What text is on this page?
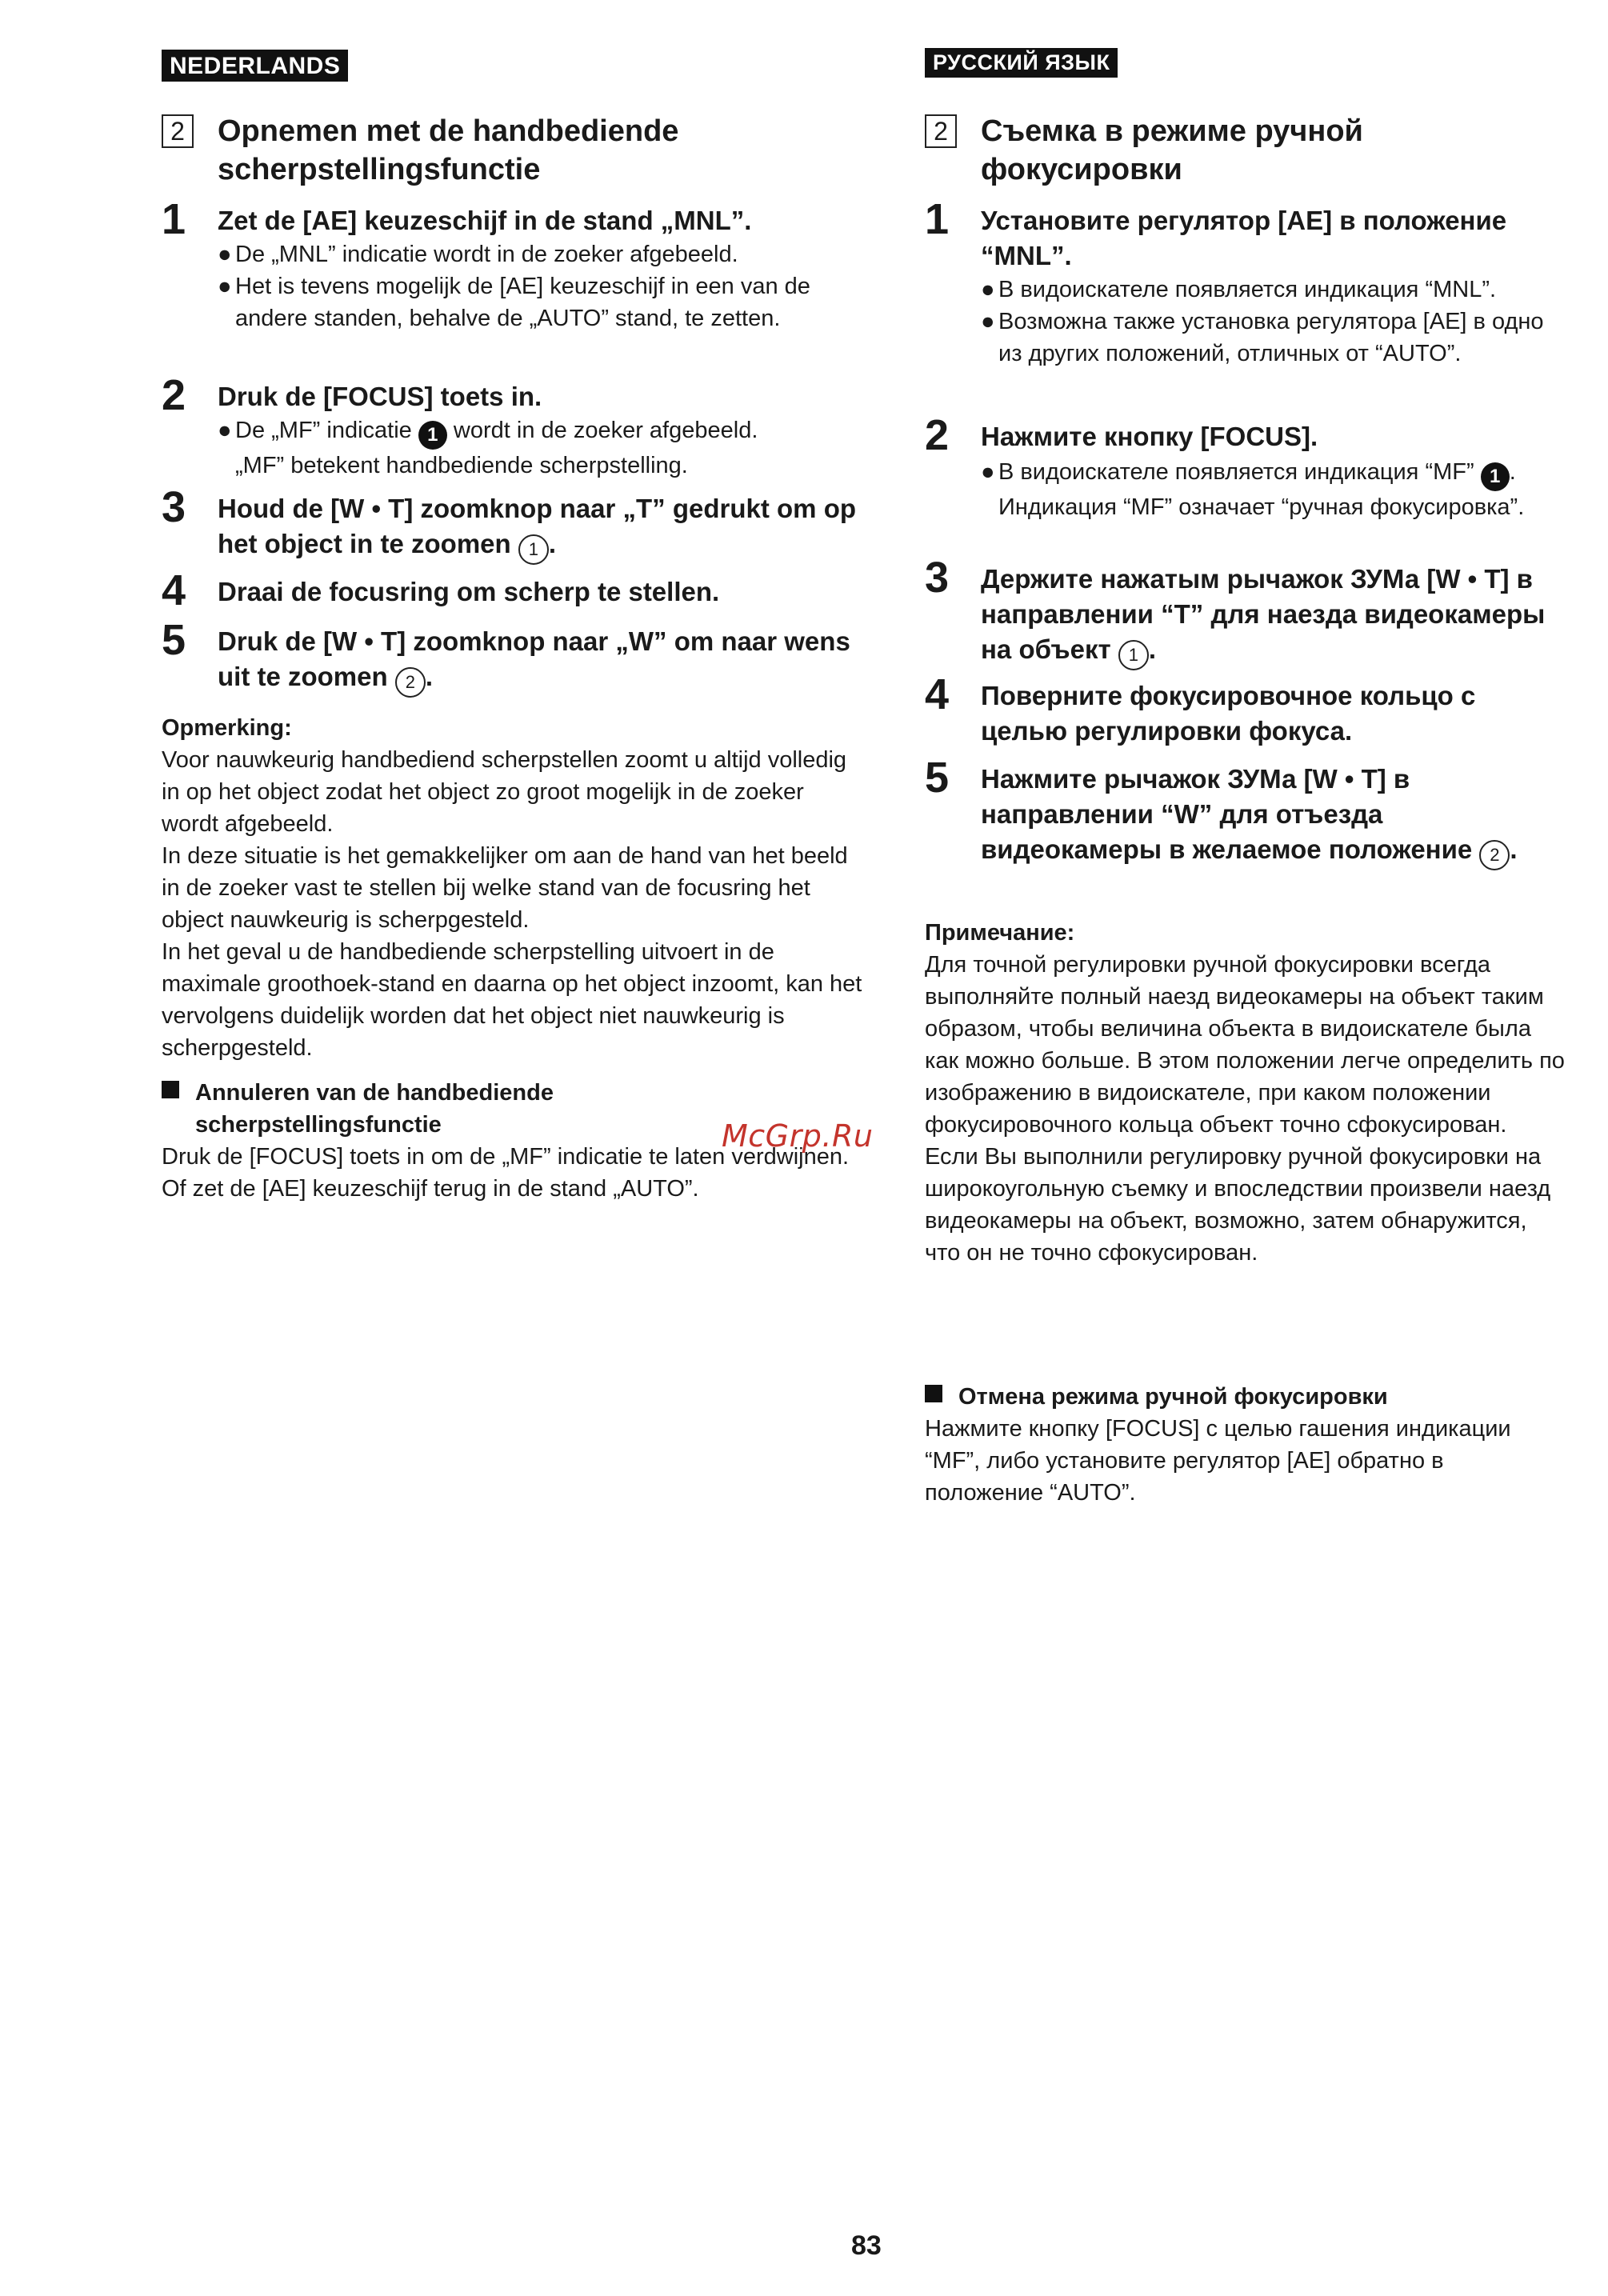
NEDERLANDS
2 Opnemen met de handbediende scherpstellingsfunctie
1 Zet de [AE] keuzeschijf in de stand „MNL”.
● De „MNL” indicatie wordt in de zoeker afgebeeld.
● Het is tevens mogelijk de [AE] keuzeschijf in een van de andere standen, behalve de „AUTO” stand, te zetten.
2 Druk de [FOCUS] toets in.
● De „MF” indicatie 1 wordt in de zoeker afgebeeld.
„MF” betekent handbediende scherpstelling.
3 Houd de [W • T] zoomknop naar „T” gedrukt om op het object in te zoomen 1 .
4 Draai de focusring om scherp te stellen.
5 Druk de [W • T] zoomknop naar „W” om naar wens uit te zoomen 2 .
Opmerking:

Voor nauwkeurig handbediend scherpstellen zoomt u altijd volledig in op het object zodat het object zo groot mogelijk in de zoeker wordt afgebeeld.

In deze situatie is het gemakkelijker om aan de hand van het beeld in de zoeker vast te stellen bij welke stand van de focusring het object nauwkeurig is scherpgesteld.

In het geval u de handbediende scherpstelling uitvoert in de maximale groothoek-stand en daarna op het object inzoomt, kan het vervolgens duidelijk worden dat het object niet nauwkeurig is scherpgesteld.

Annuleren van de handbediende
scherpstellingsfunctie

Druk de [FOCUS] toets in om de „MF” indicatie te laten verdwijnen.

Of zet de [AE] keuzeschijf terug in de stand „AUTO”.

РУССКИЙ ЯЗЫК
2 Съемка в режиме ручной фокусировки
1 Установите регулятор [AE] в положение “MNL”.
● В видоискателе появляется индикация “MNL”.
● Возможна также установка регулятора [AE] в одно из других положений, отличных от “AUTO”.
2 Нажмите кнопку [FOCUS].
● В видоискателе появляется индикация “MF” 1 .
Индикация “MF” означает “ручная фокусировка”.
3 Держите нажатым рычажок ЗУМа [W • T] в направлении “T” для наезда видеокамеры на объект 1 .
4 Поверните фокусировочное кольцо с целью регулировки фокуса.
5 Нажмите рычажок ЗУМа [W • T] в направлении “W” для отъезда видеокамеры в желаемое положение 2 .
Примечание:

Для точной регулировки ручной фокусировки всегда выполняйте полный наезд видеокамеры на объект таким образом, чтобы величина объекта в видоискателе была как можно больше. В этом положении легче определить по изображению в видоискателе, при каком положении фокусировочного кольца объект точно сфокусирован.

Если Вы выполнили регулировку ручной фокусировки на широкоугольную съемку и впоследствии произвели наезд видеокамеры на объект, возможно, затем обнаружится, что он не точно сфокусирован.

Отмена режима ручной фокусировки

Нажмите кнопку [FOCUS] с целью гашения индикации “MF”, либо установите регулятор [AE] обратно в положение “AUTO”.

McGrp.Ru
83
